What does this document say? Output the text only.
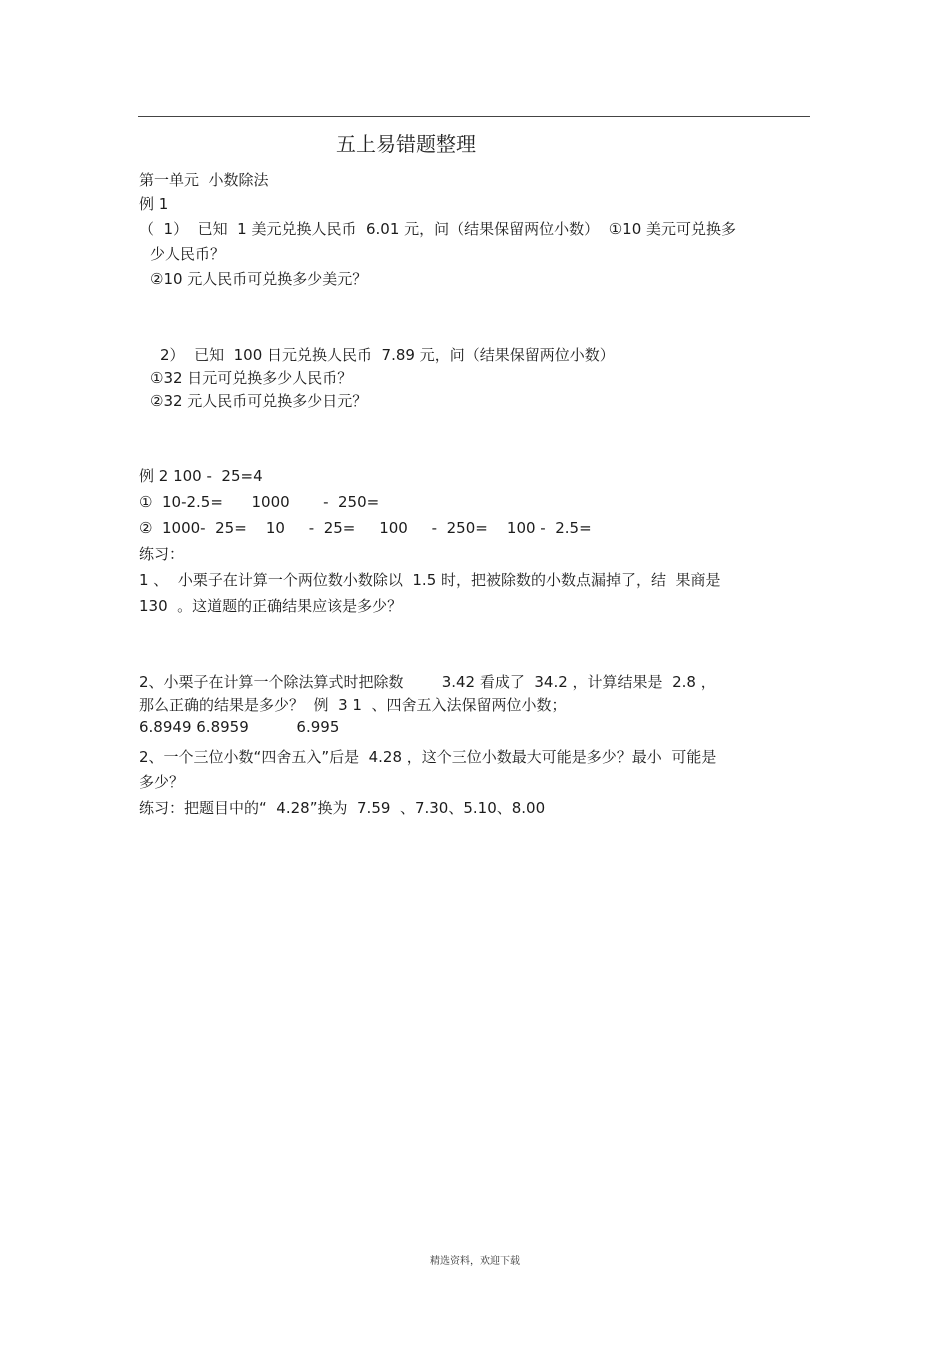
五上易错题整理
第一单元  小数除法
例 1
（  1）  已知  1 美元兑换人民币  6.01 元，问（结果保留两位小数）  ①10 美元可兑换多
少人民币？
②10 元人民币可兑换多少美元？
2）  已知  100 日元兑换人民币  7.89 元，问（结果保留两位小数）
①32 日元可兑换多少人民币？
②32 元人民币可兑换多少日元？
例 2 100 -  25=4
①  10-2.5=      1000       -  250=
②  1000-  25=    10     -  25=     100     -  250=    100 -  2.5=
练习：
1 、  小栗子在计算一个两位数小数除以  1.5 时，把被除数的小数点漏掉了，结  果商是
130  。这道题的正确结果应该是多少？
2、小栗子在计算一个除法算式时把除数        3.42 看成了  34.2 ，计算结果是  2.8 ，
那么正确的结果是多少？  例  3 1  、四舍五入法保留两位小数；
6.8949 6.8959          6.995
2、一个三位小数“四舍五入”后是  4.28 ，这个三位小数最大可能是多少？最小  可能是
多少？
练习：把题目中的“  4.28”换为  7.59  、7.30、5.10、8.00
精选资料，欢迎下载
